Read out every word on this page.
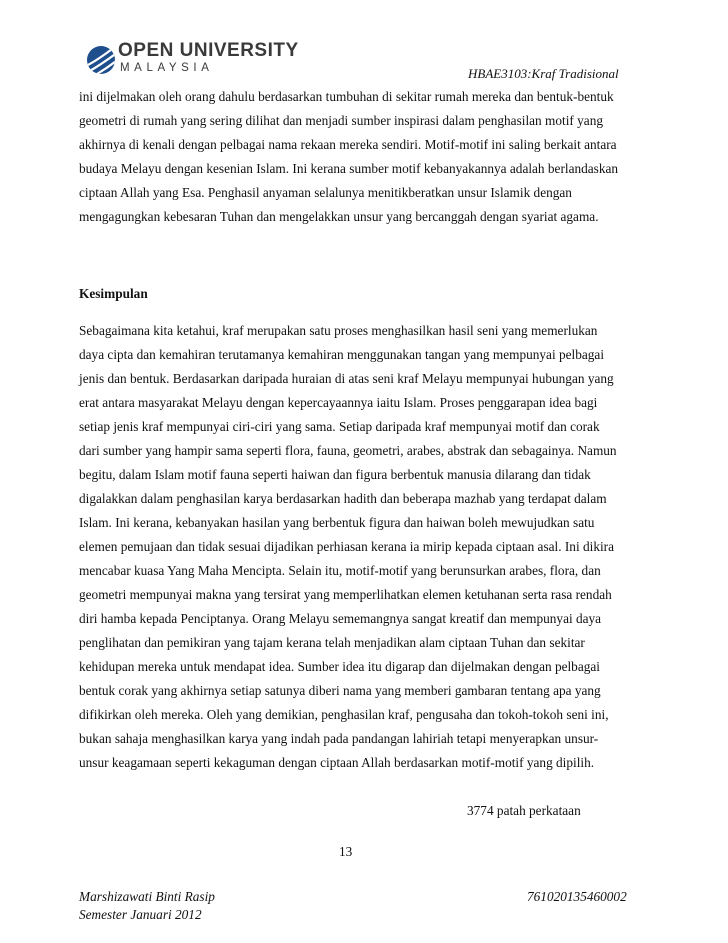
OPEN UNIVERSITY
MALAYSIA	HBAE3103:Kraf Tradisional
ini dijelmakan oleh orang dahulu berdasarkan tumbuhan di sekitar rumah mereka dan bentuk-bentuk
geometri di rumah yang sering dilihat dan menjadi sumber inspirasi dalam penghasilan motif yang
akhirnya di kenali dengan pelbagai nama rekaan mereka sendiri. Motif-motif ini saling berkait antara
budaya Melayu dengan kesenian Islam. Ini kerana sumber motif kebanyakannya adalah berlandaskan
ciptaan Allah yang Esa. Penghasil anyaman selalunya menitikberatkan unsur Islamik dengan
mengagungkan kebesaran Tuhan dan mengelakkan unsur yang bercanggah dengan syariat agama.
Kesimpulan
Sebagaimana kita ketahui, kraf merupakan satu proses menghasilkan hasil seni yang memerlukan
daya cipta dan kemahiran terutamanya kemahiran menggunakan tangan yang mempunyai pelbagai
jenis dan bentuk. Berdasarkan daripada huraian di atas seni kraf Melayu mempunyai hubungan yang
erat antara masyarakat Melayu dengan kepercayaannya iaitu Islam. Proses penggarapan idea bagi
setiap jenis kraf mempunyai ciri-ciri yang sama. Setiap daripada kraf mempunyai motif dan corak
dari sumber yang hampir sama seperti flora, fauna, geometri, arabes, abstrak dan sebagainya. Namun
begitu, dalam Islam motif fauna seperti haiwan dan figura berbentuk manusia dilarang dan tidak
digalakkan dalam penghasilan karya berdasarkan hadith dan beberapa mazhab yang terdapat dalam
Islam. Ini kerana, kebanyakan hasilan yang berbentuk figura dan haiwan boleh mewujudkan satu
elemen pemujaan dan tidak sesuai dijadikan perhiasan kerana ia mirip kepada ciptaan asal. Ini dikira
mencabar kuasa Yang Maha Mencipta. Selain itu, motif-motif yang berunsurkan arabes, flora, dan
geometri mempunyai makna yang tersirat yang memperlihatkan elemen ketuhanan serta rasa rendah
diri hamba kepada Penciptanya. Orang Melayu sememangnya sangat kreatif dan mempunyai daya
penglihatan dan pemikiran yang tajam kerana telah menjadikan alam ciptaan Tuhan dan sekitar
kehidupan mereka untuk mendapat idea. Sumber idea itu digarap dan dijelmakan dengan pelbagai
bentuk corak yang akhirnya setiap satunya diberi nama yang memberi gambaran tentang apa yang
difikirkan oleh mereka. Oleh yang demikian, penghasilan kraf, pengusaha dan tokoh-tokoh seni ini,
bukan sahaja menghasilkan karya yang indah pada pandangan lahiriah tetapi menyerapkan unsur-
unsur keagamaan seperti kekaguman dengan ciptaan Allah berdasarkan motif-motif yang dipilih.
3774 patah perkataan
13
Marshizawati Binti Rasip
Semester Januari 2012
761020135460002
